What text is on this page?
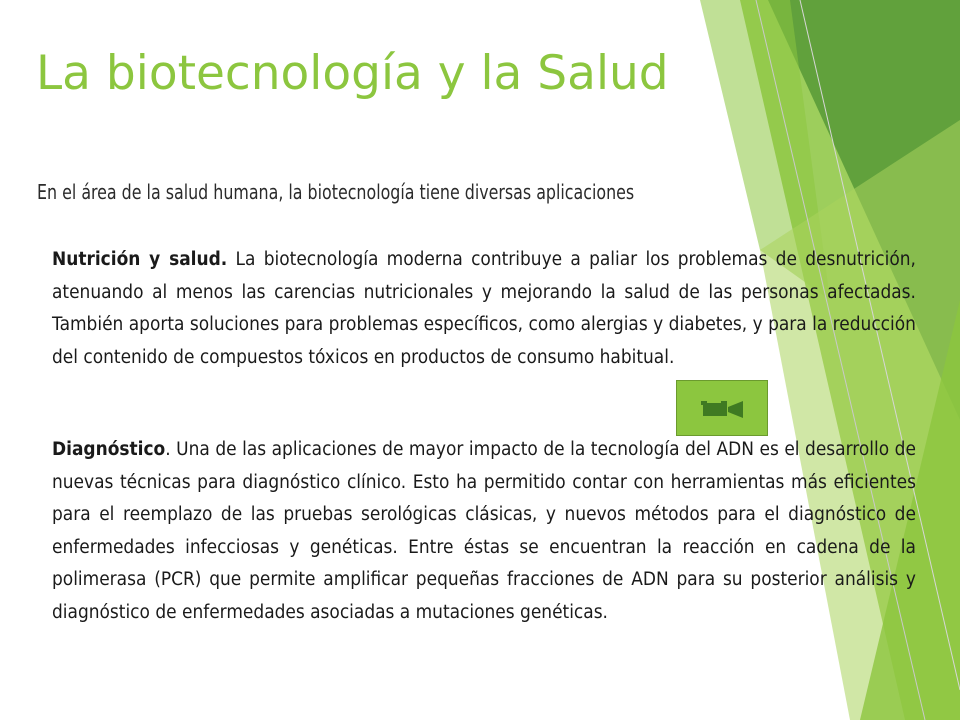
La biotecnología y la Salud
En el área de la salud humana, la biotecnología tiene diversas aplicaciones

Nutrición y salud. La biotecnología moderna contribuye a paliar los problemas de desnutrición, atenuando al menos las carencias nutricionales y mejorando la salud de las personas afectadas. También aporta soluciones para problemas específicos, como alergias y diabetes, y para la reducción del contenido de compuestos tóxicos en productos de consumo habitual.

Diagnóstico. Una de las aplicaciones de mayor impacto de la tecnología del ADN es el desarrollo de nuevas técnicas para diagnóstico clínico. Esto ha permitido contar con herramientas más eficientes para el reemplazo de las pruebas serológicas clásicas, y nuevos métodos para el diagnóstico de enfermedades infecciosas y genéticas. Entre éstas se encuentran la reacción en cadena de la polimerasa (PCR) que permite amplificar pequeñas fracciones de ADN para su posterior análisis y diagnóstico de enfermedades asociadas a mutaciones genéticas.
